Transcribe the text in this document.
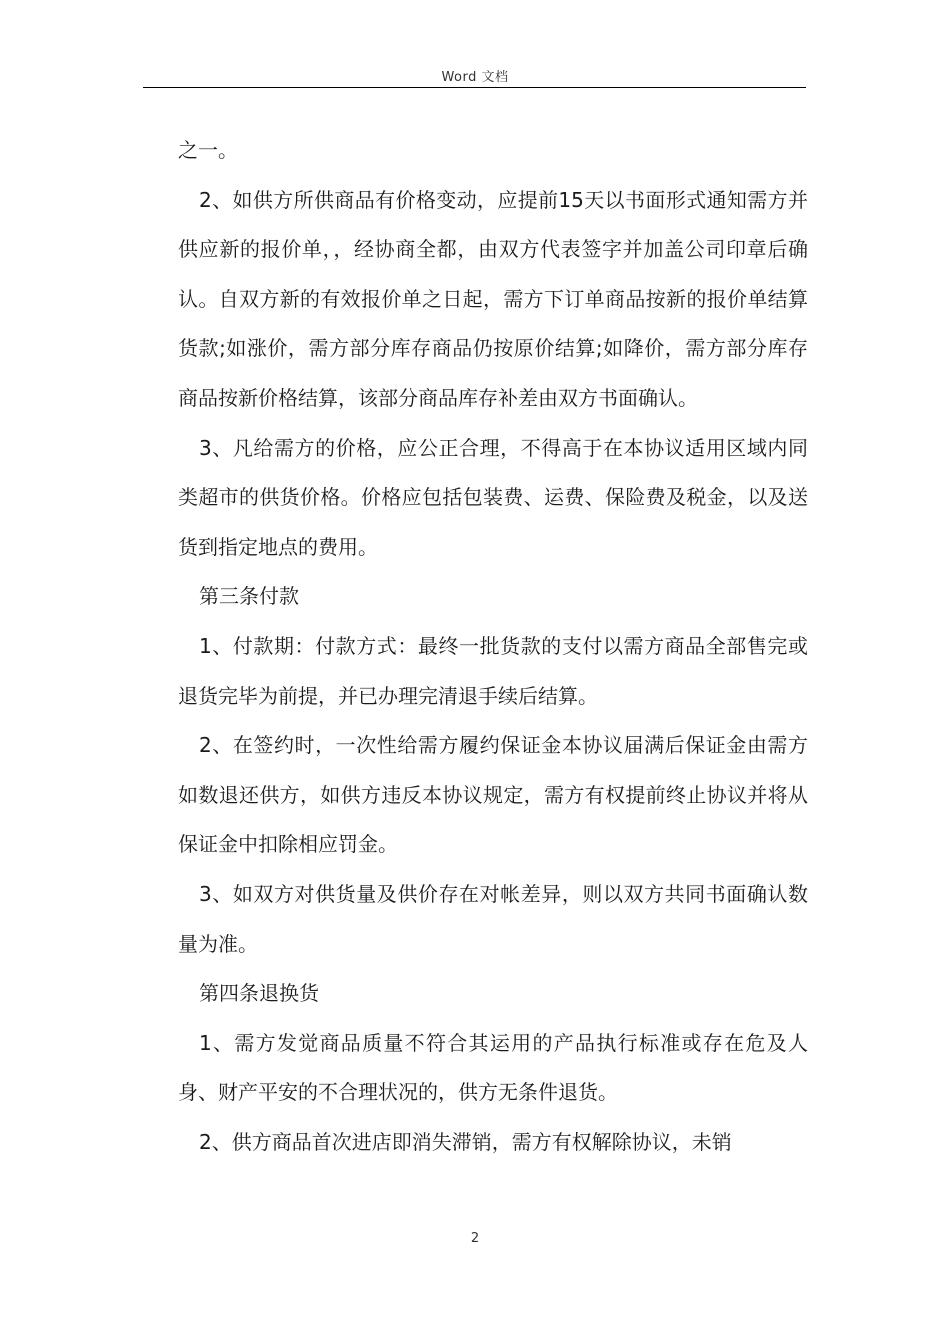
Word 文档

之一。

2、如供方所供商品有价格变动，应提前15天以书面形式通知需方并供应新的报价单，，经协商全都，由双方代表签字并加盖公司印章后确认。自双方新的有效报价单之日起，需方下订单商品按新的报价单结算货款;如涨价，需方部分库存商品仍按原价结算;如降价，需方部分库存商品按新价格结算，该部分商品库存补差由双方书面确认。

3、凡给需方的价格，应公正合理，不得高于在本协议适用区域内同类超市的供货价格。价格应包括包装费、运费、保险费及税金，以及送货到指定地点的费用。

第三条付款

1、付款期：付款方式：最终一批货款的支付以需方商品全部售完或退货完毕为前提，并已办理完清退手续后结算。

2、在签约时，一次性给需方履约保证金本协议届满后保证金由需方如数退还供方，如供方违反本协议规定，需方有权提前终止协议并将从保证金中扣除相应罚金。

3、如双方对供货量及供价存在对帐差异，则以双方共同书面确认数量为准。

第四条退换货

1、需方发觉商品质量不符合其运用的产品执行标准或存在危及人身、财产平安的不合理状况的，供方无条件退货。

2、供方商品首次进店即消失滞销，需方有权解除协议，未销

2
